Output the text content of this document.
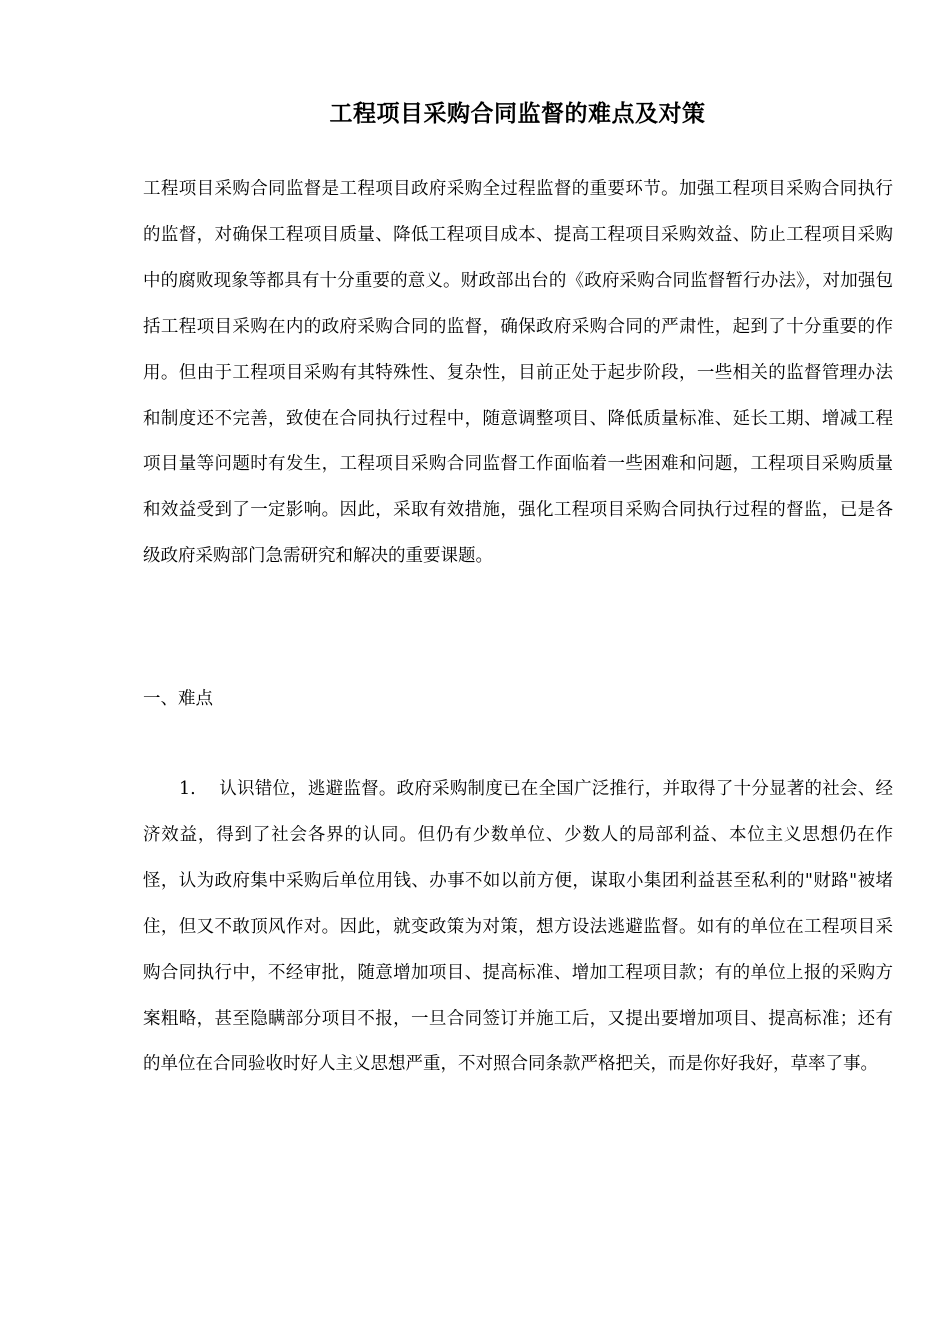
工程项目采购合同监督的难点及对策

工程项目采购合同监督是工程项目政府采购全过程监督的重要环节。加强工程项目采购合同执行的监督，对确保工程项目质量、降低工程项目成本、提高工程项目采购效益、防止工程项目采购中的腐败现象等都具有十分重要的意义。财政部出台的《政府采购合同监督暂行办法》，对加强包括工程项目采购在内的政府采购合同的监督，确保政府采购合同的严肃性，起到了十分重要的作用。但由于工程项目采购有其特殊性、复杂性，目前正处于起步阶段，一些相关的监督管理办法和制度还不完善，致使在合同执行过程中，随意调整项目、降低质量标准、延长工期、增减工程项目量等问题时有发生，工程项目采购合同监督工作面临着一些困难和问题，工程项目采购质量和效益受到了一定影响。因此，采取有效措施，强化工程项目采购合同执行过程的督监，已是各级政府采购部门急需研究和解决的重要课题。

一、难点

1. 认识错位，逃避监督。政府采购制度已在全国广泛推行，并取得了十分显著的社会、经济效益，得到了社会各界的认同。但仍有少数单位、少数人的局部利益、本位主义思想仍在作怪，认为政府集中采购后单位用钱、办事不如以前方便，谋取小集团利益甚至私利的"财路"被堵住，但又不敢顶风作对。因此，就变政策为对策，想方设法逃避监督。如有的单位在工程项目采购合同执行中，不经审批，随意增加项目、提高标准、增加工程项目款；有的单位上报的采购方案粗略，甚至隐瞒部分项目不报，一旦合同签订并施工后，又提出要增加项目、提高标准；还有的单位在合同验收时好人主义思想严重，不对照合同条款严格把关，而是你好我好，草率了事。
